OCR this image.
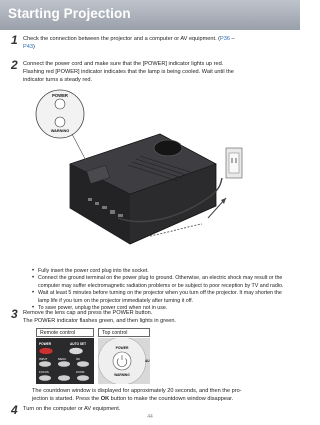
Starting Projection
1 Check the connection between the projector and a computer or AV equipment. (P36 –
P43)
2 Connect the power cord and make sure that the [POWER] indicator lights up red.
Flashing red [POWER] indicator indicates that the lamp is being cooled. Wait until the
indicator turns a steady red.
POWER
WARNING
• Fully insert the power cord plug into the socket.
• Connect the ground terminal on the power plug to ground. Otherwise, an electric shock may result or the computer may suffer electromagnetic radiation problems or be subject to poor reception by TV and radio.
• Wait at least 5 minutes before turning on the projector when you turn off the projector. It may shorten the lamp life if you turn on the projector immediately after turning it off.
• To save power, unplug the power cord when not in use.
3 Remove the lens cap and press the POWER button.
The POWER indicator flashes green, and then lights in green.
Remote control	Top control
POWER	AUTO SET
INPUT	MENU	OK
FOCUS	ZOOM
POWER
WARNING
AU
The countdown window is displayed for approximately 20 seconds, and then the pro-
jection is started. Press the OK button to make the countdown window disappear.
4 Turn on the computer or AV equipment.
44
